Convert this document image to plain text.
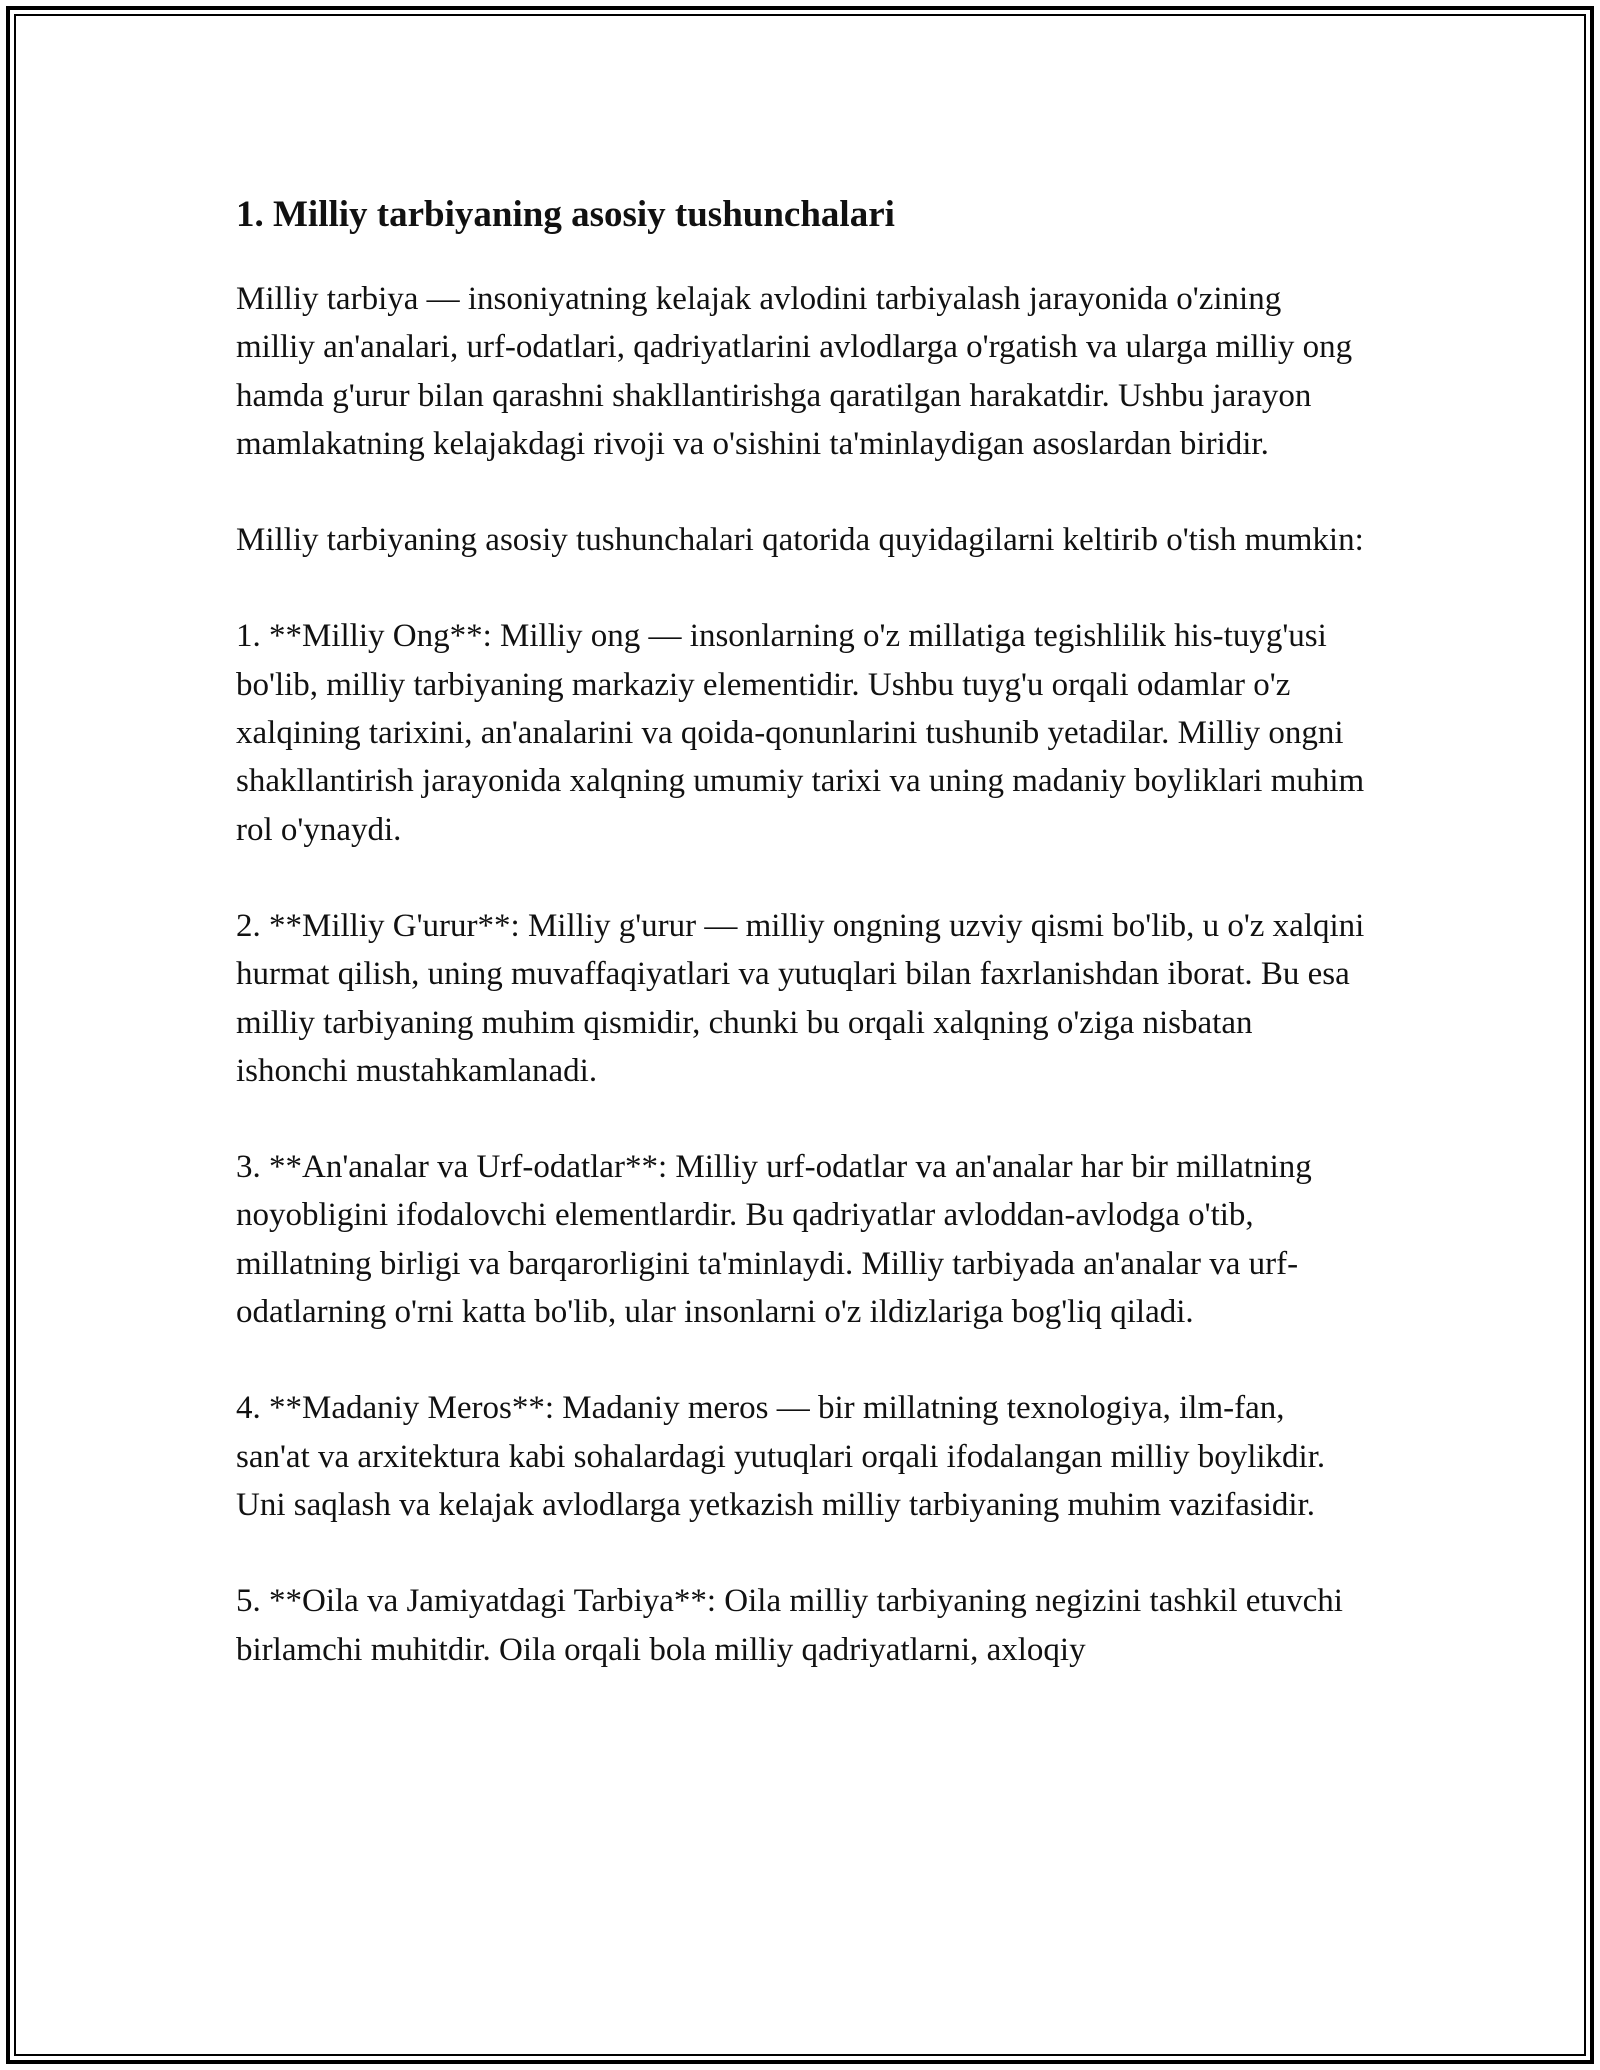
1. Milliy tarbiyaning asosiy tushunchalari

Milliy tarbiya — insoniyatning kelajak avlodini tarbiyalash jarayonida o'zining milliy an'analari, urf-odatlari, qadriyatlarini avlodlarga o'rgatish va ularga milliy ong hamda g'urur bilan qarashni shakllantirishga qaratilgan harakatdir. Ushbu jarayon mamlakatning kelajakdagi rivoji va o'sishini ta'minlaydigan asoslardan biridir.

Milliy tarbiyaning asosiy tushunchalari qatorida quyidagilarni keltirib o'tish mumkin:

1. **Milliy Ong**: Milliy ong — insonlarning o'z millatiga tegishlilik his-tuyg'usi bo'lib, milliy tarbiyaning markaziy elementidir. Ushbu tuyg'u orqali odamlar o'z xalqining tarixini, an'analarini va qoida-qonunlarini tushunib yetadilar. Milliy ongni shakllantirish jarayonida xalqning umumiy tarixi va uning madaniy boyliklari muhim rol o'ynaydi.

2. **Milliy G'urur**: Milliy g'urur — milliy ongning uzviy qismi bo'lib, u o'z xalqini hurmat qilish, uning muvaffaqiyatlari va yutuqlari bilan faxrlanishdan iborat. Bu esa milliy tarbiyaning muhim qismidir, chunki bu orqali xalqning o'ziga nisbatan ishonchi mustahkamlanadi.

3. **An'analar va Urf-odatlar**: Milliy urf-odatlar va an'analar har bir millatning noyobligini ifodalovchi elementlardir. Bu qadriyatlar avloddan-avlodga o'tib, millatning birligi va barqarorligini ta'minlaydi. Milliy tarbiyada an'analar va urf-odatlarning o'rni katta bo'lib, ular insonlarni o'z ildizlariga bog'liq qiladi.

4. **Madaniy Meros**: Madaniy meros — bir millatning texnologiya, ilm-fan, san'at va arxitektura kabi sohalardagi yutuqlari orqali ifodalangan milliy boylikdir. Uni saqlash va kelajak avlodlarga yetkazish milliy tarbiyaning muhim vazifasidir.

5. **Oila va Jamiyatdagi Tarbiya**: Oila milliy tarbiyaning negizini tashkil etuvchi birlamchi muhitdir. Oila orqali bola milliy qadriyatlarni, axloqiy
